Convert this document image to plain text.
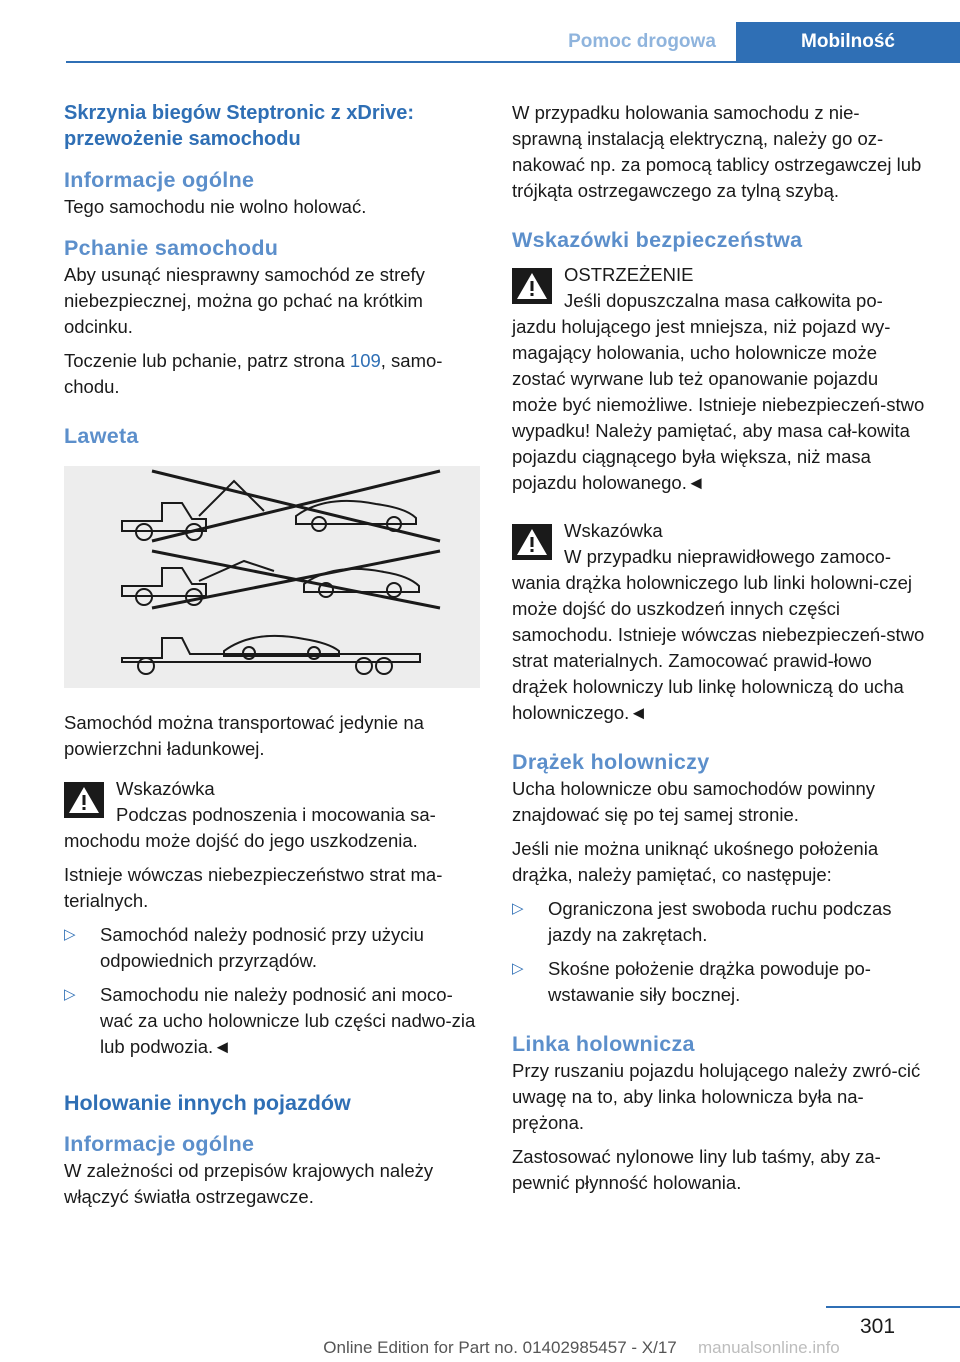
Pomoc drogowa	Mobilność
Skrzynia biegów Steptronic z xDrive: przewożenie samochodu
Informacje ogólne

Tego samochodu nie wolno holować.

Pchanie samochodu

Aby usunąć niesprawny samochód ze strefy niebezpiecznej, można go pchać na krótkim odcinku.

Toczenie lub pchanie, patrz strona 109, samo-chodu.

Laweta

Samochód można transportować jedynie na powierzchni ładunkowej.

Wskazówka

Podczas podnoszenia i mocowania sa-mochodu może dojść do jego uszkodzenia.

Istnieje wówczas niebezpieczeństwo strat ma-terialnych.

▷ Samochód należy podnosić przy użyciu odpowiednich przyrządów.

▷ Samochodu nie należy podnosić ani moco-wać za ucho holownicze lub części nadwo-zia lub podwozia.◄

Holowanie innych pojazdów
Informacje ogólne

W zależności od przepisów krajowych należy włączyć światła ostrzegawcze.

W przypadku holowania samochodu z nie-sprawną instalacją elektryczną, należy go oz-nakować np. za pomocą tablicy ostrzegawczej lub trójkąta ostrzegawczego za tylną szybą.

Wskazówki bezpieczeństwa

OSTRZEŻENIE

Jeśli dopuszczalna masa całkowita po-jazdu holującego jest mniejsza, niż pojazd wy-magający holowania, ucho holownicze może zostać wyrwane lub też opanowanie pojazdu może być niemożliwe. Istnieje niebezpieczeń-stwo wypadku! Należy pamiętać, aby masa cał-kowita pojazdu ciągnącego była większa, niż masa pojazdu holowanego.◄

Wskazówka

W przypadku nieprawidłowego zamoco-wania drążka holowniczego lub linki holowni-czej może dojść do uszkodzeń innych części samochodu. Istnieje wówczas niebezpieczeń-stwo strat materialnych. Zamocować prawid-łowo drążek holowniczy lub linkę holowniczą do ucha holowniczego.◄

Drążek holowniczy

Ucha holownicze obu samochodów powinny znajdować się po tej samej stronie.

Jeśli nie można uniknąć ukośnego położenia drążka, należy pamiętać, co następuje:

▷ Ograniczona jest swoboda ruchu podczas jazdy na zakrętach.

▷ Skośne położenie drążka powoduje po-wstawanie siły bocznej.

Linka holownicza

Przy ruszaniu pojazdu holującego należy zwró-cić uwagę na to, aby linka holownicza była na-prężona.

Zastosować nylonowe liny lub taśmy, aby za-pewnić płynność holowania.

301
Online Edition for Part no. 01402985457 - X/17	manualsonline.info
